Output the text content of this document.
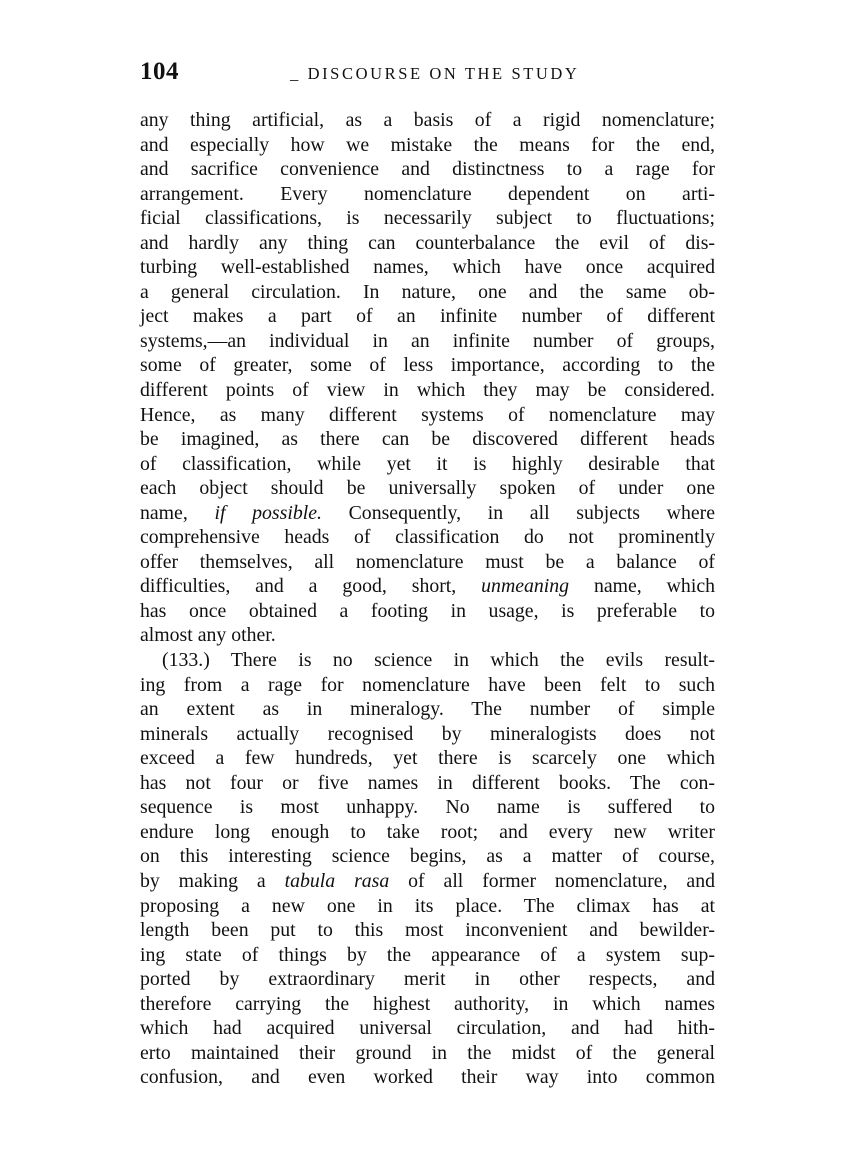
104	_ DISCOURSE ON THE STUDY
any thing artificial, as a basis of a rigid nomenclature;
and especially how we mistake the means for the end,
and sacrifice convenience and distinctness to a rage for
arrangement. Every nomenclature dependent on arti-
ficial classifications, is necessarily subject to fluctuations;
and hardly any thing can counterbalance the evil of dis-
turbing well-established names, which have once acquired
a general circulation. In nature, one and the same ob-
ject makes a part of an infinite number of different
systems,—an individual in an infinite number of groups,
some of greater, some of less importance, according to the
different points of view in which they may be considered.
Hence, as many different systems of nomenclature may
be imagined, as there can be discovered different heads
of classification, while yet it is highly desirable that
each object should be universally spoken of under one
name, if possible. Consequently, in all subjects where
comprehensive heads of classification do not prominently
offer themselves, all nomenclature must be a balance of
difficulties, and a good, short, unmeaning name, which
has once obtained a footing in usage, is preferable to
almost any other.
(133.) There is no science in which the evils result-
ing from a rage for nomenclature have been felt to such
an extent as in mineralogy. The number of simple
minerals actually recognised by mineralogists does not
exceed a few hundreds, yet there is scarcely one which
has not four or five names in different books. The con-
sequence is most unhappy. No name is suffered to
endure long enough to take root; and every new writer
on this interesting science begins, as a matter of course,
by making a tabula rasa of all former nomenclature, and
proposing a new one in its place. The climax has at
length been put to this most inconvenient and bewilder-
ing state of things by the appearance of a system sup-
ported by extraordinary merit in other respects, and
therefore carrying the highest authority, in which names
which had acquired universal circulation, and had hith-
erto maintained their ground in the midst of the general
confusion, and even worked their way into common
